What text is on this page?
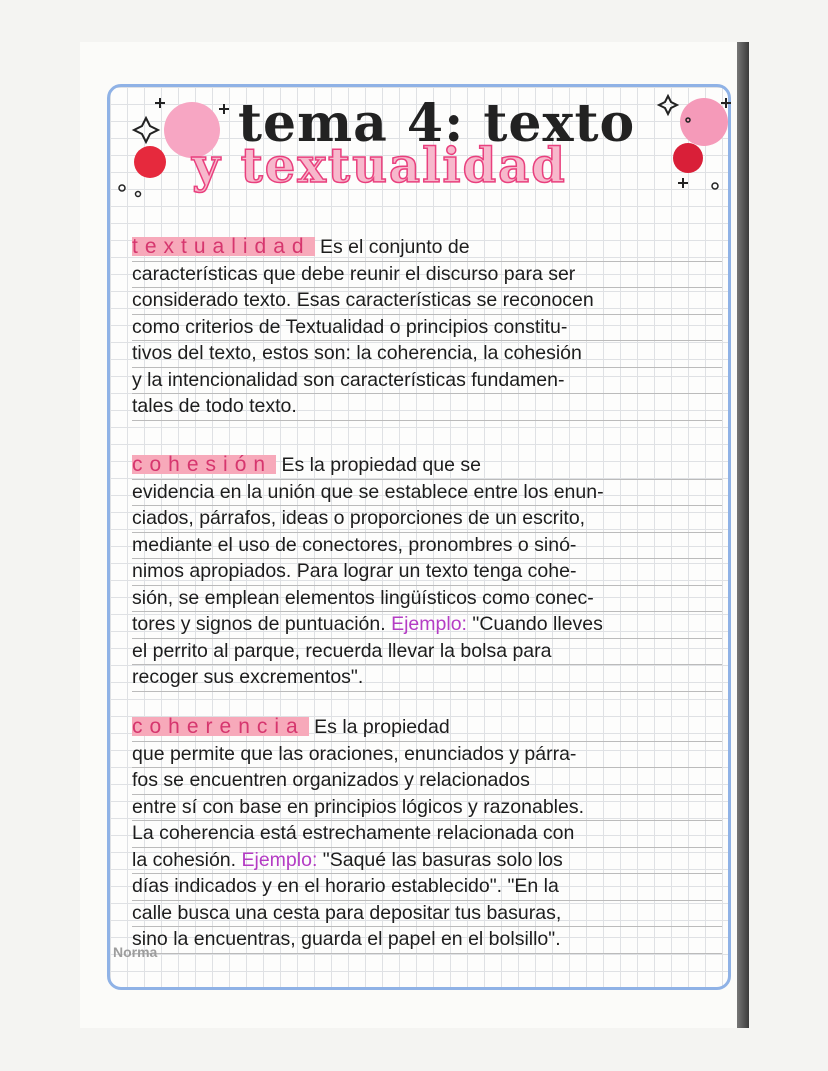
tema 4: texto
y textualidad
textualidad Es el conjunto de
características que debe reunir el discurso para ser
considerado texto. Esas características se reconocen
como criterios de Textualidad o principios constitu-
tivos del texto, estos son: la coherencia, la cohesión
y la intencionalidad son características fundamen-
tales de todo texto.
cohesión Es la propiedad que se
evidencia en la unión que se establece entre los enun-
ciados, párrafos, ideas o proporciones de un escrito,
mediante el uso de conectores, pronombres o sinó-
nimos apropiados. Para lograr un texto tenga cohe-
sión, se emplean elementos lingüísticos como conec-
tores y signos de puntuación. Ejemplo: "Cuando lleves
el perrito al parque, recuerda llevar la bolsa para
recoger sus excrementos".
coherencia Es la propiedad
que permite que las oraciones, enunciados y párra-
fos se encuentren organizados y relacionados
entre sí con base en principios lógicos y razonables.
La coherencia está estrechamente relacionada con
la cohesión. Ejemplo: "Saqué las basuras solo los
días indicados y en el horario establecido". "En la
calle busca una cesta para depositar tus basuras,
sino la encuentras, guarda el papel en el bolsillo".
Norma
